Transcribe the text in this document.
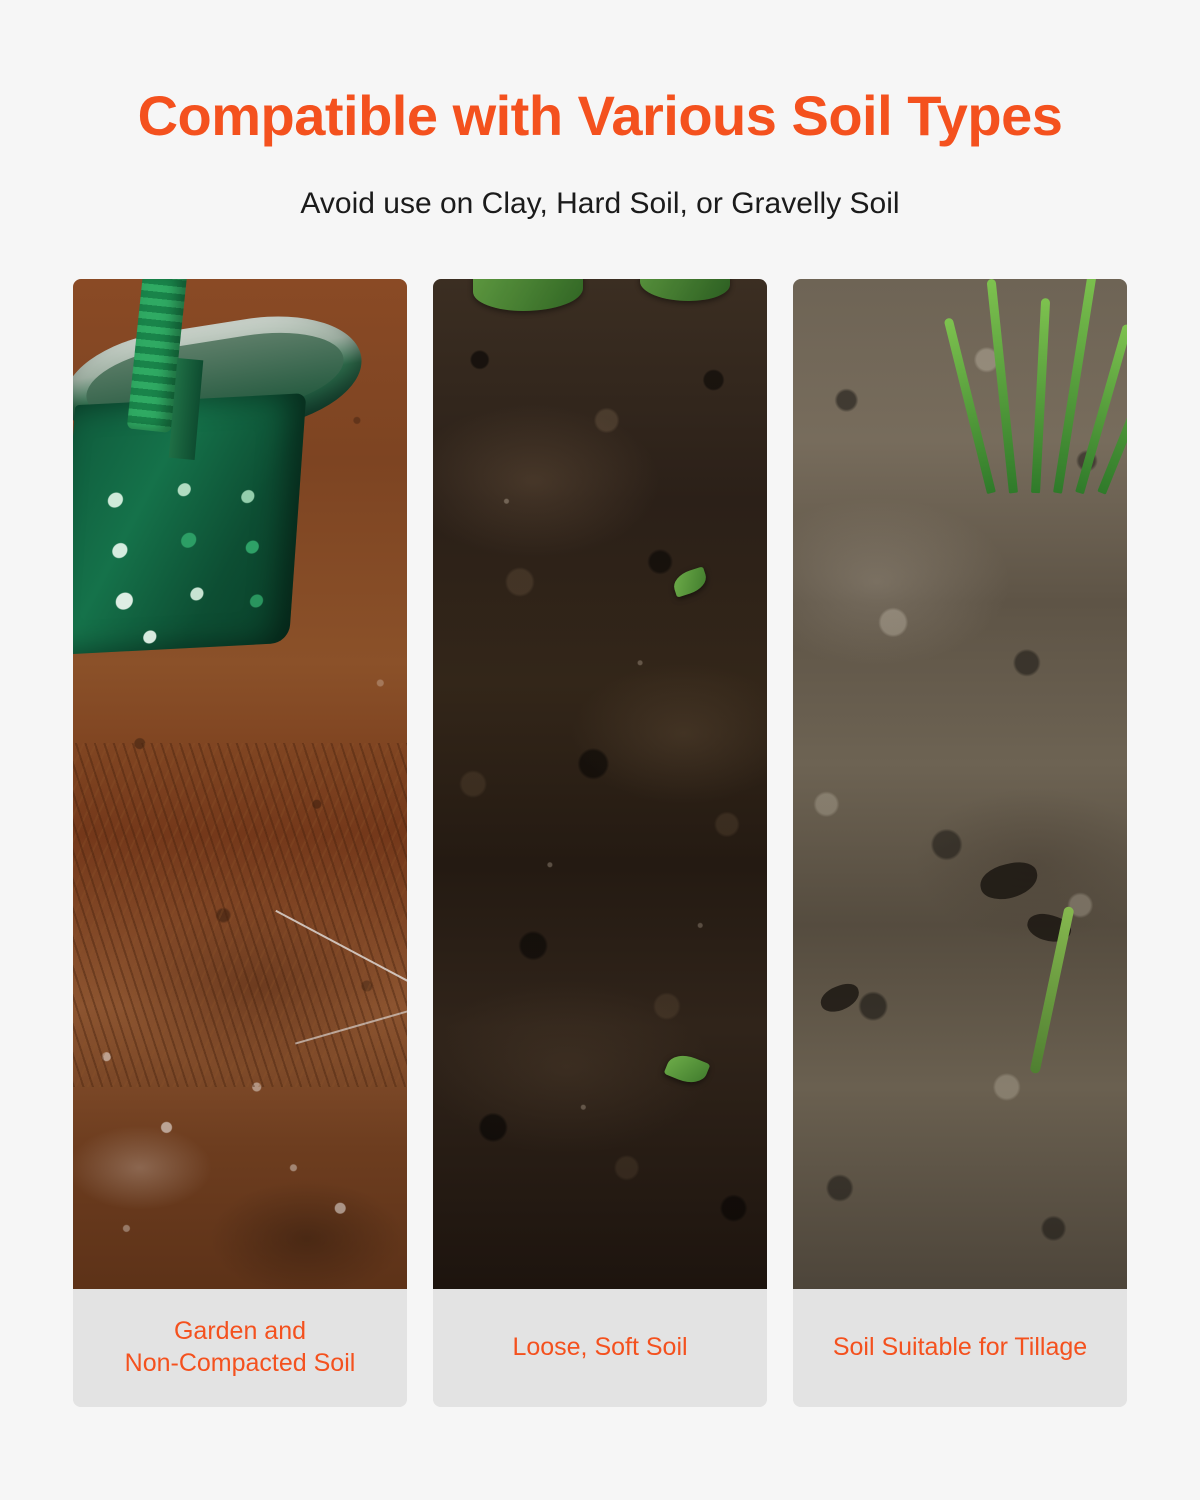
Compatible with Various Soil Types

Avoid use on Clay, Hard Soil, or Gravelly Soil

Garden and
Non-Compacted Soil
Loose, Soft Soil	Soil Suitable for Tillage
